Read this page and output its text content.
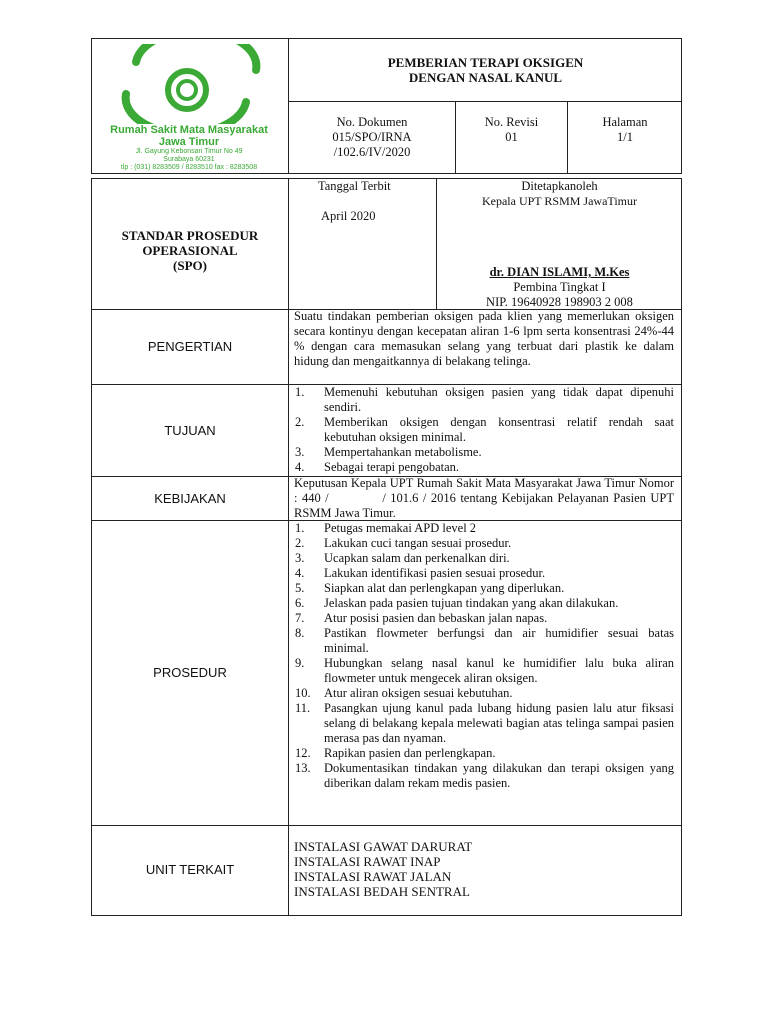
Rumah Sakit Mata Masyarakat
Jawa Timur
Jl. Gayung Kebonsari Timur No 49
Surabaya 60231
tlp : (031) 8283509 / 8283510 fax : 8283508
PEMBERIAN TERAPI OKSIGEN
DENGAN NASAL KANUL
No. Dokumen
015/SPO/IRNA
/102.6/IV/2020
No. Revisi
01
Halaman
1/1
STANDAR PROSEDUR
OPERASIONAL
(SPO)
Tanggal Terbit
April 2020
Ditetapkanoleh
Kepala UPT RSMM JawaTimur
dr. DIAN ISLAMI, M.Kes
Pembina Tingkat I
NIP. 19640928 198903 2 008
PENGERTIAN
Suatu tindakan pemberian oksigen pada klien yang memerlukan oksigen secara kontinyu dengan kecepatan aliran 1-6 lpm serta konsentrasi 24%-44 % dengan cara memasukan selang yang terbuat dari plastik ke dalam hidung dan mengaitkannya di belakang telinga.
TUJUAN
1. Memenuhi kebutuhan oksigen pasien yang tidak dapat dipenuhi sendiri.
2. Memberikan oksigen dengan konsentrasi relatif rendah saat kebutuhan oksigen minimal.
3. Mempertahankan metabolisme.
4. Sebagai terapi pengobatan.
KEBIJAKAN
Keputusan Kepala UPT Rumah Sakit Mata Masyarakat Jawa Timur Nomor : 440 /            / 101.6 / 2016 tentang Kebijakan Pelayanan Pasien UPT RSMM Jawa Timur.
PROSEDUR
1. Petugas memakai APD level 2
2. Lakukan cuci tangan sesuai prosedur.
3. Ucapkan salam dan perkenalkan diri.
4. Lakukan identifikasi pasien sesuai prosedur.
5. Siapkan alat dan perlengkapan yang diperlukan.
6. Jelaskan pada pasien tujuan tindakan yang akan dilakukan.
7. Atur posisi pasien dan bebaskan jalan napas.
8. Pastikan flowmeter berfungsi dan air humidifier sesuai batas minimal.
9. Hubungkan selang nasal kanul ke humidifier lalu buka aliran flowmeter untuk mengecek aliran oksigen.
10. Atur aliran oksigen sesuai kebutuhan.
11. Pasangkan ujung kanul pada lubang hidung pasien lalu atur fiksasi selang di belakang kepala melewati bagian atas telinga sampai pasien merasa pas dan nyaman.
12. Rapikan pasien dan perlengkapan.
13. Dokumentasikan tindakan yang dilakukan dan terapi oksigen yang diberikan dalam rekam medis pasien.
UNIT TERKAIT
INSTALASI GAWAT DARURAT
INSTALASI RAWAT INAP
INSTALASI RAWAT JALAN
INSTALASI BEDAH SENTRAL
